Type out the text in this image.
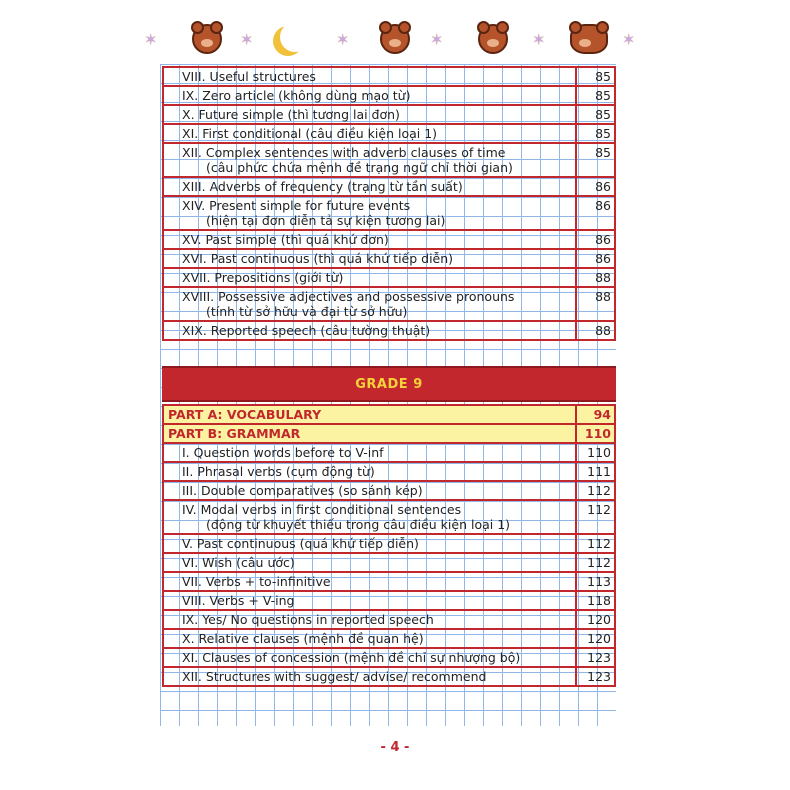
✶	✶	✶	✶	✶	✶
VIII. Useful structures	85
IX. Zero article (không dùng mạo từ)	85
X. Future simple (thì tương lai đơn)	85
XI. First conditional (câu điều kiện loại 1)	85
XII. Complex sentences with adverb clauses of time
(câu phức chứa mệnh đề trạng ngữ chỉ thời gian)	85
XIII. Adverbs of frequency (trạng từ tần suất)	86
XIV. Present simple for future events
(hiện tại đơn diễn tả sự kiện tương lai)	86
XV. Past simple (thì quá khứ đơn)	86
XVI. Past continuous (thì quá khứ tiếp diễn)	86
XVII. Prepositions (giới từ)	88
XVIII. Possessive adjectives and possessive pronouns
(tính từ sở hữu và đại từ sở hữu)	88
XIX. Reported speech (câu tường thuật)	88
GRADE 9
PART A: VOCABULARY	94
PART B: GRAMMAR	110
I. Question words before to V-inf	110
II. Phrasal verbs (cụm động từ)	111
III. Double comparatives (so sánh kép)	112
IV. Modal verbs in first conditional sentences
(động từ khuyết thiếu trong câu điều kiện loại 1)	112
V. Past continuous (quá khứ tiếp diễn)	112
VI. Wish (câu ước)	112
VII. Verbs + to-infinitive	113
VIII. Verbs + V-ing	118
IX. Yes/ No questions in reported speech	120
X. Relative clauses (mệnh đề quan hệ)	120
XI. Clauses of concession (mệnh đề chỉ sự nhượng bộ)	123
XII. Structures with suggest/ advise/ recommend	123
- 4 -
